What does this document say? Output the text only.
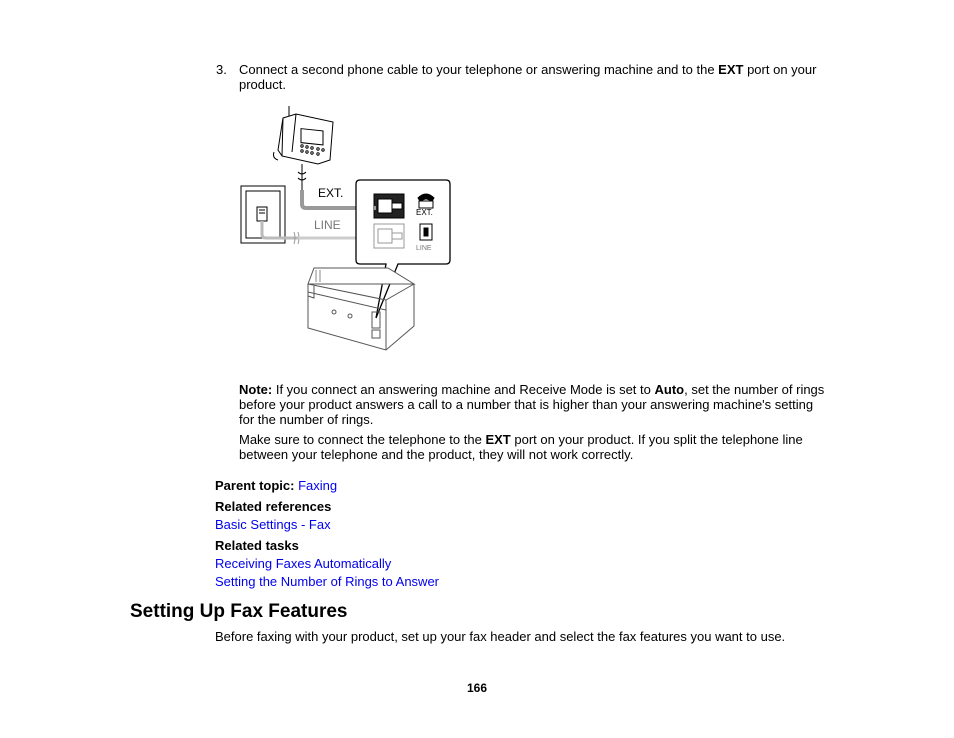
3. Connect a second phone cable to your telephone or answering machine and to the EXT port on your product.
EXT.
LINE
EXT.
LINE
Note: If you connect an answering machine and Receive Mode is set to Auto, set the number of rings before your product answers a call to a number that is higher than your answering machine's setting for the number of rings.
Make sure to connect the telephone to the EXT port on your product. If you split the telephone line between your telephone and the product, they will not work correctly.
Parent topic: Faxing
Related references
Basic Settings - Fax
Related tasks
Receiving Faxes Automatically
Setting the Number of Rings to Answer
Setting Up Fax Features
Before faxing with your product, set up your fax header and select the fax features you want to use.
166
